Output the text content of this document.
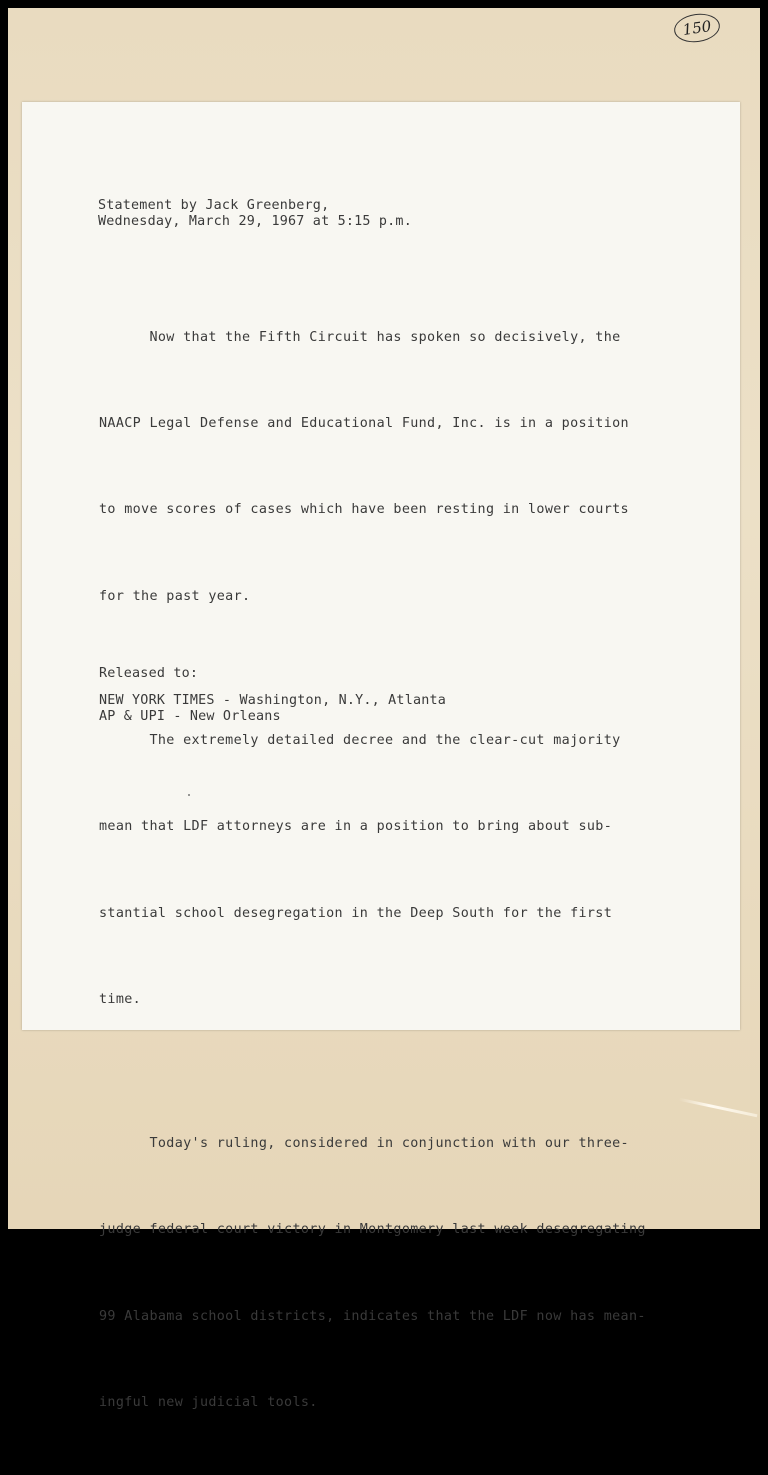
150
Statement by Jack Greenberg,
Wednesday, March 29, 1967 at 5:15 p.m.

Now that the Fifth Circuit has spoken so decisively, the

NAACP Legal Defense and Educational Fund, Inc. is in a position

to move scores of cases which have been resting in lower courts

for the past year.

The extremely detailed decree and the clear-cut majority

mean that LDF attorneys are in a position to bring about sub-

stantial school desegregation in the Deep South for the first

time.

Today's ruling, considered in conjunction with our three-

judge federal court victory in Montgomery last week desegregating

99 Alabama school districts, indicates that the LDF now has mean-

ingful new judicial tools.

Released to:
NEW YORK TIMES - Washington, N.Y., Atlanta
AP & UPI - New Orleans
